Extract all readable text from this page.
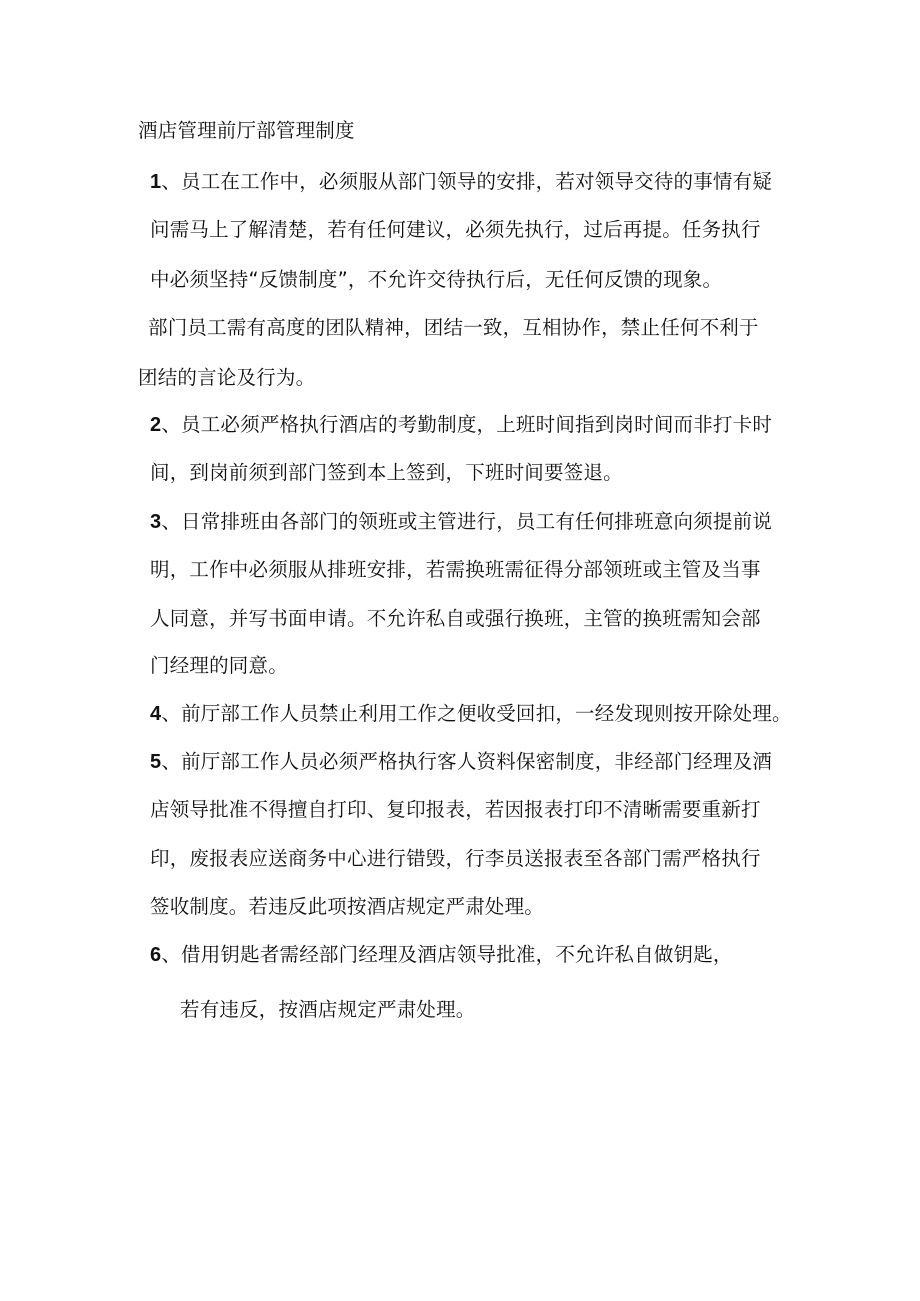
酒店管理前厅部管理制度
1、员工在工作中，必须服从部门领导的安排，若对领导交待的事情有疑
问需马上了解清楚，若有任何建议，必须先执行，过后再提。任务执行
中必须坚持“反馈制度”，不允许交待执行后，无任何反馈的现象。
部门员工需有高度的团队精神，团结一致，互相协作，禁止任何不利于
团结的言论及行为。
2、员工必须严格执行酒店的考勤制度，上班时间指到岗时间而非打卡时
间，到岗前须到部门签到本上签到，下班时间要签退。
3、日常排班由各部门的领班或主管进行，员工有任何排班意向须提前说
明，工作中必须服从排班安排，若需换班需征得分部领班或主管及当事
人同意，并写书面申请。不允许私自或强行换班，主管的换班需知会部
门经理的同意。
4、前厅部工作人员禁止利用工作之便收受回扣，一经发现则按开除处理。
5、前厅部工作人员必须严格执行客人资料保密制度，非经部门经理及酒
店领导批准不得擅自打印、复印报表，若因报表打印不清晰需要重新打
印，废报表应送商务中心进行错毁，行李员送报表至各部门需严格执行
签收制度。若违反此项按酒店规定严肃处理。
6、借用钥匙者需经部门经理及酒店领导批准，不允许私自做钥匙，
若有违反，按酒店规定严肃处理。
